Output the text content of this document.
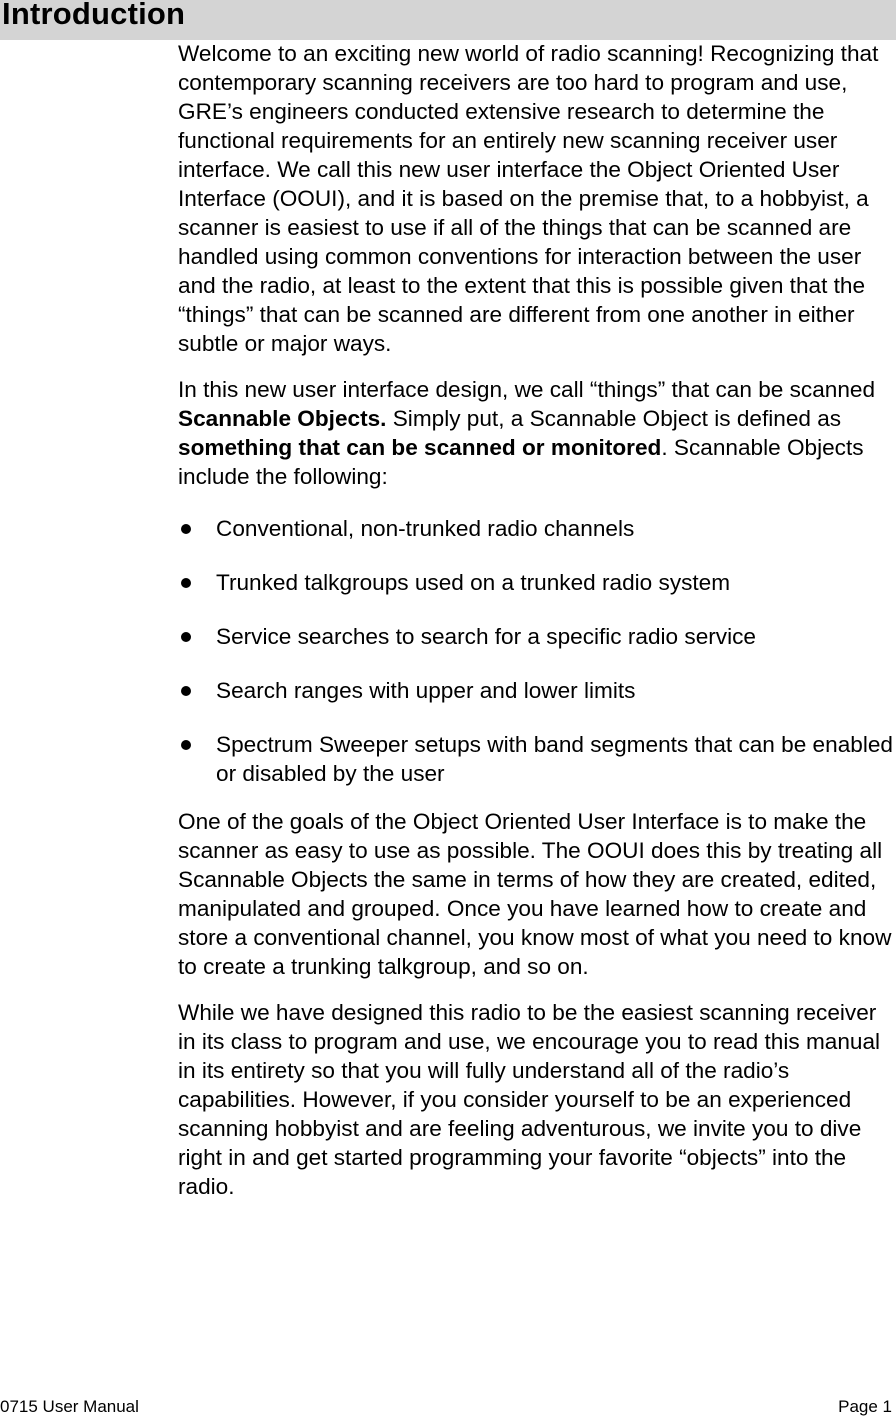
Introduction

Welcome to an exciting new world of radio scanning! Recognizing that contemporary scanning receivers are too hard to program and use, GRE’s engineers conducted extensive research to determine the functional requirements for an entirely new scanning receiver user interface. We call this new user interface the Object Oriented User Interface (OOUI), and it is based on the premise that, to a hobbyist, a scanner is easiest to use if all of the things that can be scanned are handled using common conventions for interaction between the user and the radio, at least to the extent that this is possible given that the “things” that can be scanned are different from one another in either subtle or major ways.

In this new user interface design, we call “things” that can be scanned Scannable Objects. Simply put, a Scannable Object is defined as something that can be scanned or monitored. Scannable Objects include the following:

Conventional, non-trunked radio channels
Trunked talkgroups used on a trunked radio system
Service searches to search for a specific radio service
Search ranges with upper and lower limits
Spectrum Sweeper setups with band segments that can be enabled or disabled by the user

One of the goals of the Object Oriented User Interface is to make the scanner as easy to use as possible. The OOUI does this by treating all Scannable Objects the same in terms of how they are created, edited, manipulated and grouped. Once you have learned how to create and store a conventional channel, you know most of what you need to know to create a trunking talkgroup, and so on.

While we have designed this radio to be the easiest scanning receiver in its class to program and use, we encourage you to read this manual in its entirety so that you will fully understand all of the radio’s capabilities. However, if you consider yourself to be an experienced scanning hobbyist and are feeling adventurous, we invite you to dive right in and get started programming your favorite “objects” into the radio.

0715 User Manual	Page 1
